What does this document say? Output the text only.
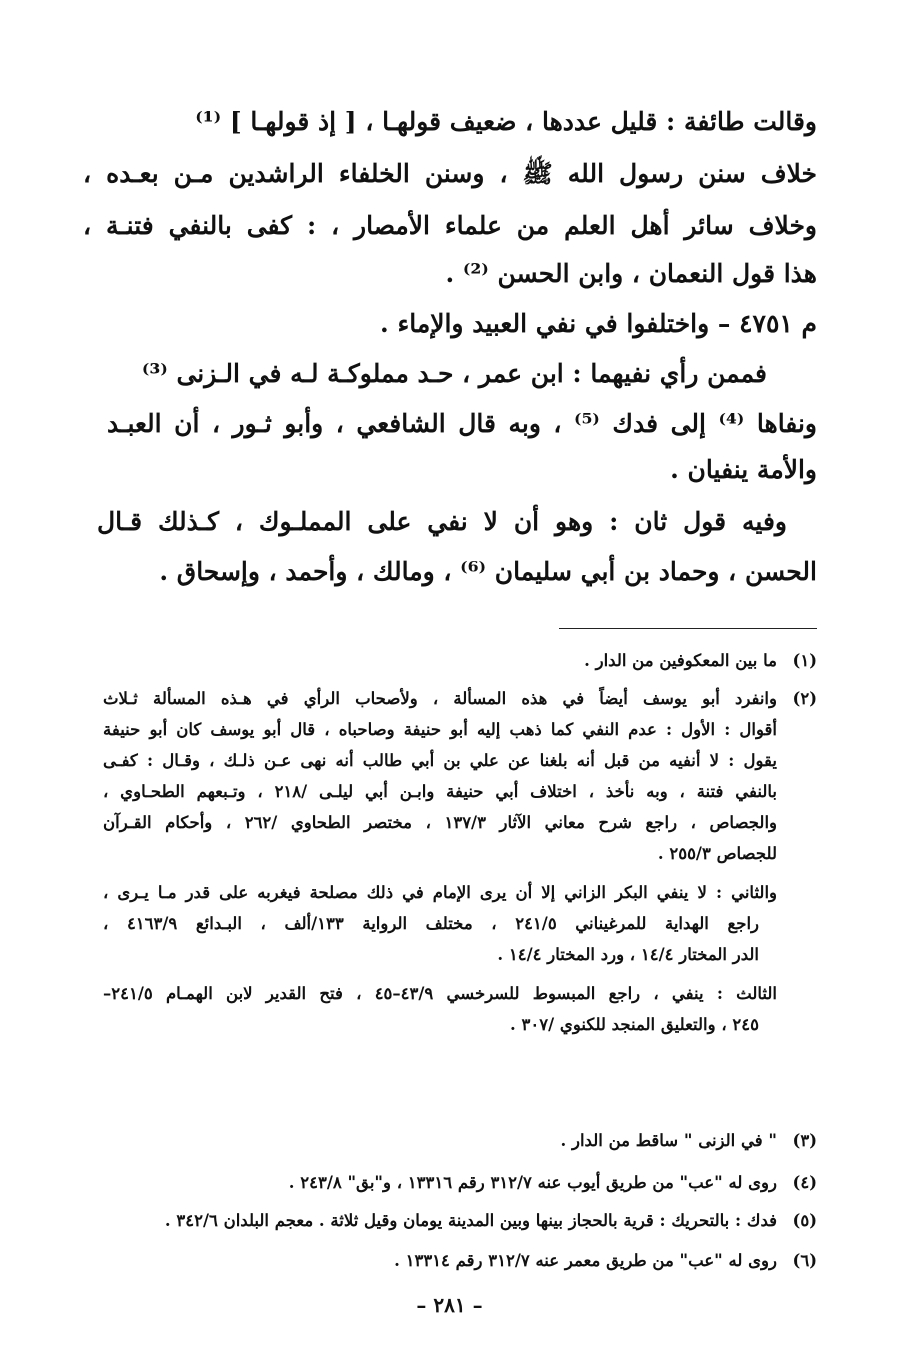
وقالت طائفة : قليل عددها ، ضعيف قولهـا ، [ إذ قولهـا ] ⁽¹⁾
خلاف سنن رسول الله ﷺ ، وسنن الخلفاء الراشدين مـن بعـده ،
وخلاف سائر أهل العلم من علماء الأمصار ، : كفى بالنفي فتنـة ،
هذا قول النعمان ، وابن الحسن ⁽²⁾ .
م ٤٧٥١ – واختلفوا في نفي العبيد والإماء .
فممن رأي نفيهما : ابن عمر ، حـد مملوكـة لـه في الـزنى ⁽³⁾
ونفاها ⁽⁴⁾ إلى فدك ⁽⁵⁾ ، وبه قال الشافعي ، وأبو ثـور ، أن العبـد
والأمة ينفيان .
وفيه قول ثان : وهو أن لا نفي على المملـوك ، كـذلك قـال
الحسن ، وحماد بن أبي سليمان ⁽⁶⁾ ، ومالك ، وأحمد ، وإسحاق .
(١)
ما بين المعكوفين من الدار .
(٢)
وانفرد أبو يوسف أيضاً في هذه المسألة ، ولأصحاب الرأي في هـذه المسألة ثـلاث
أقوال : الأول : عدم النفي كما ذهب إليه أبو حنيفة وصاحباه ، قال أبو يوسف كان أبو حنيفة
يقول : لا أنفيه من قبل أنه بلغنا عن علي بن أبي طالب أنه نهى عـن ذلـك ، وقـال : كفـى
بالنفي فتنة ، وبه نأخذ ، اختلاف أبي حنيفة وابـن أبي ليلـى /٢١٨ ، وتـبعهم الطحـاوي ،
والجصاص ، راجع شرح معاني الآثار ١٣٧/٣ ، مختصر الطحاوي /٢٦٢ ، وأحكام القـرآن
للجصاص ٢٥٥/٣ .
والثاني : لا ينفي البكر الزاني إلا أن يرى الإمام في ذلك مصلحة فيغربه على قدر مـا يـرى ،
راجع الهداية للمرغيناني ٢٤١/٥ ، مختلف الرواية ١٣٣/ألف ، البـدائع ٤١٦٣/٩ ،
الدر المختار ١٤/٤ ، ورد المختار ١٤/٤ .
الثالث : ينفي ، راجع المبسوط للسرخسي ٤٣/٩–٤٥ ، فتح القدير لابن الهمـام ٢٤١/٥–
٢٤٥ ، والتعليق المنجد للكنوي /٣٠٧ .
(٣)
" في الزنى " ساقط من الدار .
(٤)
روى له "عب" من طريق أيوب عنه ٣١٢/٧ رقم ١٣٣١٦ ، و"بق" ٢٤٣/٨ .
(٥)
فدك : بالتحريك : قرية بالحجاز بينها وبين المدينة يومان وقيل ثلاثة . معجم البلدان ٣٤٢/٦ .
(٦)
روى له "عب" من طريق معمر عنه ٣١٢/٧ رقم ١٣٣١٤ .
– ٢٨١ –
